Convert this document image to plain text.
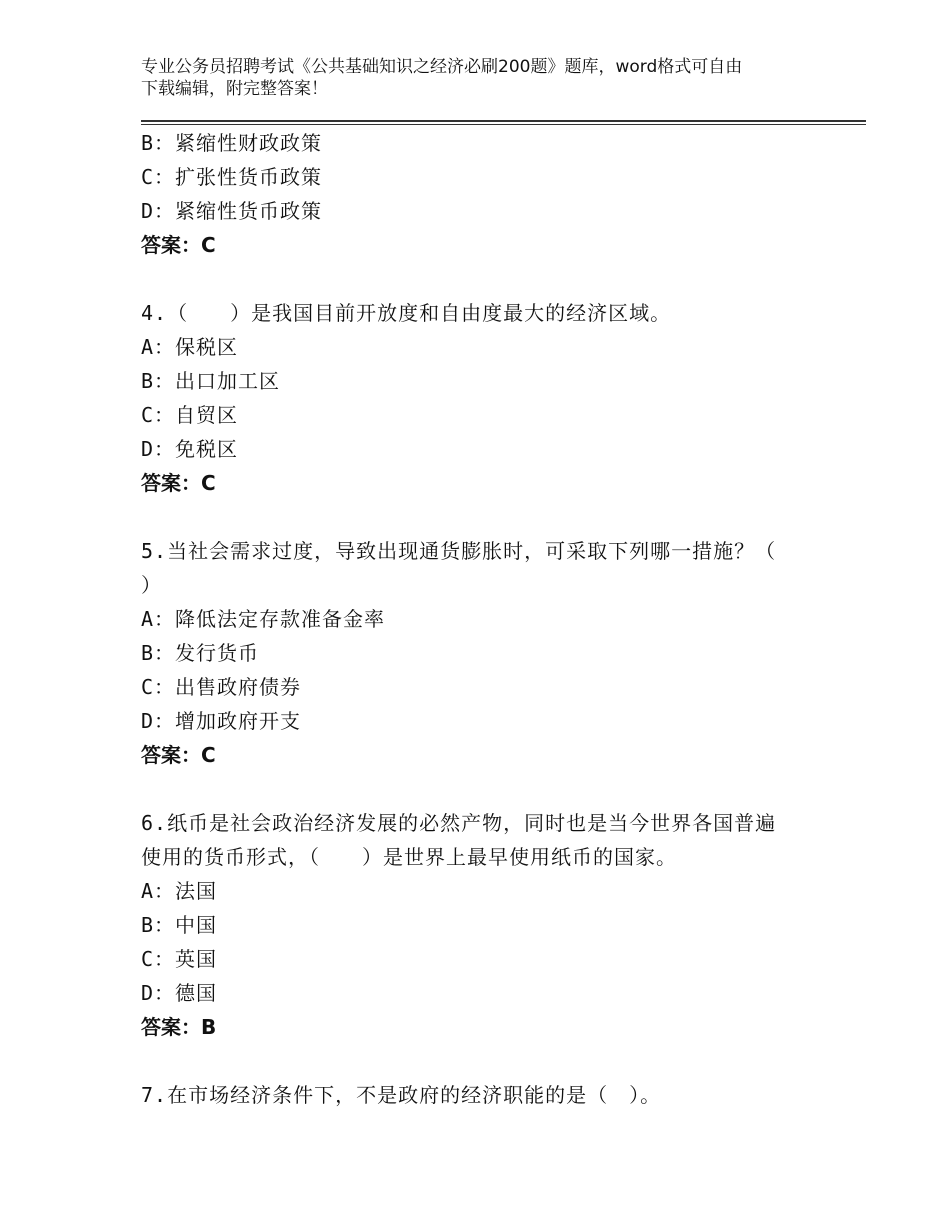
专业公务员招聘考试《公共基础知识之经济必刷200题》题库，word格式可自由
下载编辑，附完整答案！
B：紧缩性财政政策
C：扩张性货币政策
D：紧缩性货币政策
答案：C
4.（　　）是我国目前开放度和自由度最大的经济区域。
A：保税区
B：出口加工区
C：自贸区
D：免税区
答案：C
5.当社会需求过度，导致出现通货膨胀时，可采取下列哪一措施？（
）
A：降低法定存款准备金率
B：发行货币
C：出售政府债券
D：增加政府开支
答案：C
6.纸币是社会政治经济发展的必然产物，同时也是当今世界各国普遍
使用的货币形式，（　　）是世界上最早使用纸币的国家。
A：法国
B：中国
C：英国
D：德国
答案：B
7.在市场经济条件下，不是政府的经济职能的是（　）。
